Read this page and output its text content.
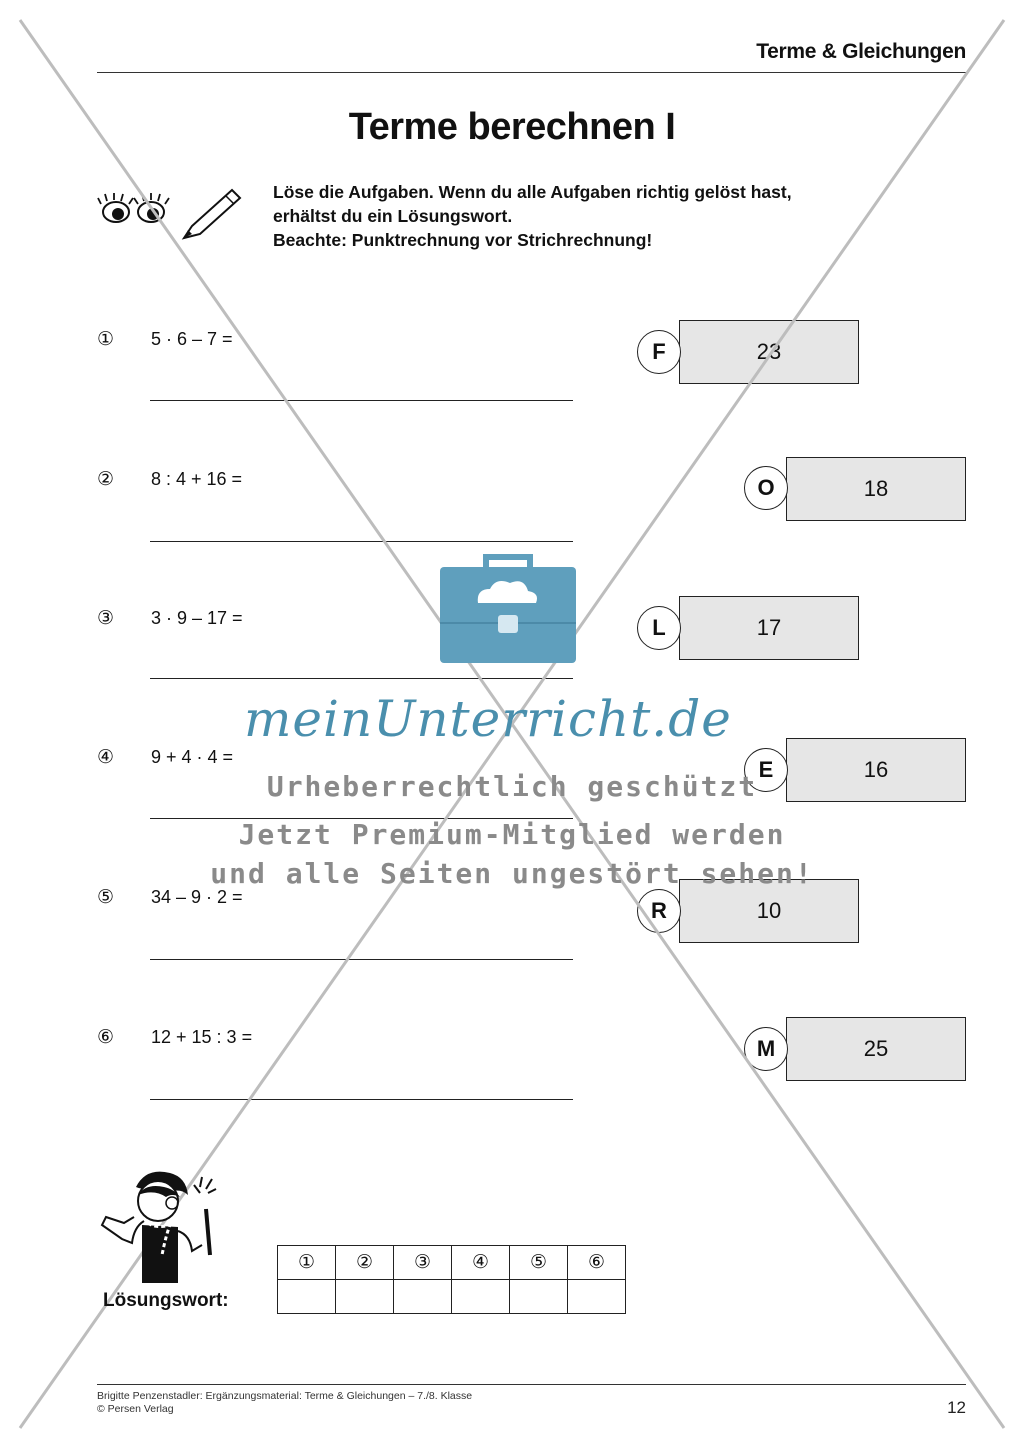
Terme & Gleichungen
Terme berechnen I
Löse die Aufgaben. Wenn du alle Aufgaben richtig gelöst hast,
erhältst du ein Lösungswort.
Beachte: Punktrechnung vor Strichrechnung!
① 5 · 6 – 7 =
② 8 : 4 + 16 =
③ 3 · 9 – 17 =
④ 9 + 4 · 4 =
⑤ 34 – 9 · 2 =
⑥ 12 + 15 : 3 =
23
F
18
O
17
L
16
E
10
R
25
M
meinUnterricht.de
Urheberrechtlich geschützt
Jetzt Premium-Mitglied werden
und alle Seiten ungestört sehen!
Lösungswort:
①	②	③	④	⑤	⑥

Brigitte Penzenstadler: Ergänzungsmaterial: Terme & Gleichungen – 7./8. Klasse
© Persen Verlag	12
